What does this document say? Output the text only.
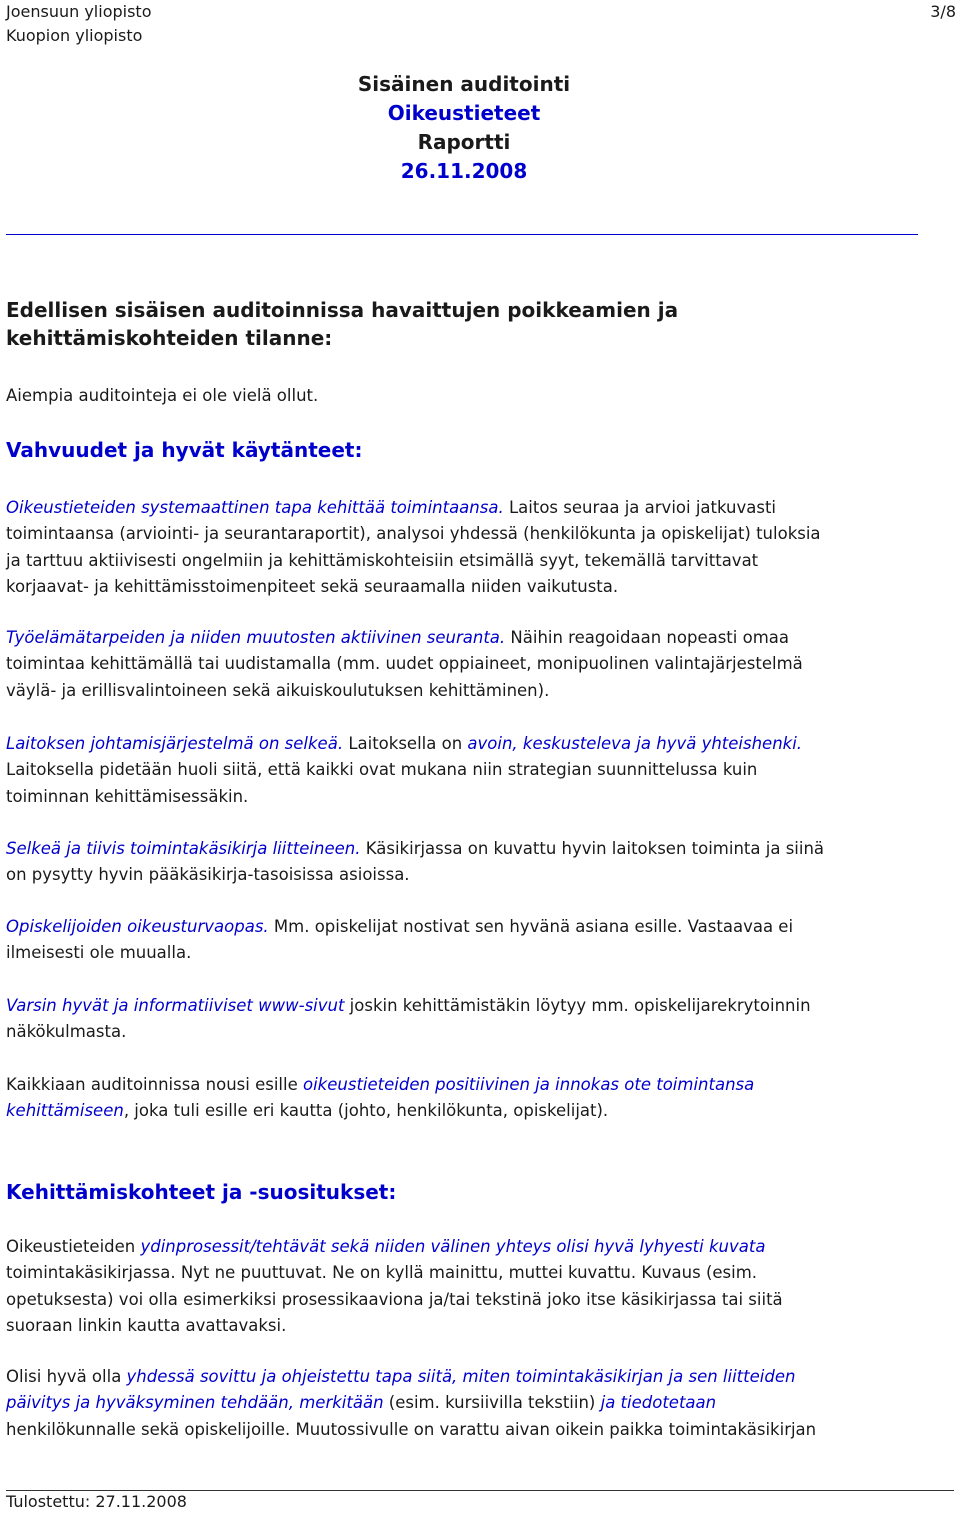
Joensuun yliopisto
Kuopion yliopisto
3/8
Sisäinen auditointi
Oikeustieteet
Raportti
26.11.2008
Edellisen sisäisen auditoinnissa havaittujen poikkeamien ja
kehittämiskohteiden tilanne:
Aiempia auditointeja ei ole vielä ollut.
Vahvuudet ja hyvät käytänteet:
Oikeustieteiden systemaattinen tapa kehittää toimintaansa. Laitos seuraa ja arvioi jatkuvasti
toimintaansa (arviointi- ja seurantaraportit), analysoi yhdessä (henkilökunta ja opiskelijat) tuloksia
ja tarttuu aktiivisesti ongelmiin ja kehittämiskohteisiin etsimällä syyt, tekemällä tarvittavat
korjaavat- ja kehittämisstoimenpiteet sekä seuraamalla niiden vaikutusta.
Työelämätarpeiden ja niiden muutosten aktiivinen seuranta. Näihin reagoidaan nopeasti omaa
toimintaa kehittämällä tai uudistamalla (mm. uudet oppiaineet, monipuolinen valintajärjestelmä
väylä- ja erillisvalintoineen sekä aikuiskoulutuksen kehittäminen).
Laitoksen johtamisjärjestelmä on selkeä. Laitoksella on avoin, keskusteleva ja hyvä yhteishenki.
Laitoksella pidetään huoli siitä, että kaikki ovat mukana niin strategian suunnittelussa kuin
toiminnan kehittämisessäkin.
Selkeä ja tiivis toimintakäsikirja liitteineen. Käsikirjassa on kuvattu hyvin laitoksen toiminta ja siinä
on pysytty hyvin pääkäsikirja-tasoisissa asioissa.
Opiskelijoiden oikeusturvaopas. Mm. opiskelijat nostivat sen hyvänä asiana esille. Vastaavaa ei
ilmeisesti ole muualla.
Varsin hyvät ja informatiiviset www-sivut joskin kehittämistäkin löytyy mm. opiskelijarekrytoinnin
näkökulmasta.
Kaikkiaan auditoinnissa nousi esille oikeustieteiden positiivinen ja innokas ote toimintansa
kehittämiseen, joka tuli esille eri kautta (johto, henkilökunta, opiskelijat).
Kehittämiskohteet ja -suositukset:
Oikeustieteiden ydinprosessit/tehtävät sekä niiden välinen yhteys olisi hyvä lyhyesti kuvata
toimintakäsikirjassa. Nyt ne puuttuvat. Ne on kyllä mainittu, muttei kuvattu. Kuvaus (esim.
opetuksesta) voi olla esimerkiksi prosessikaaviona ja/tai tekstinä joko itse käsikirjassa tai siitä
suoraan linkin kautta avattavaksi.
Olisi hyvä olla yhdessä sovittu ja ohjeistettu tapa siitä, miten toimintakäsikirjan ja sen liitteiden
päivitys ja hyväksyminen tehdään, merkitään (esim. kursiivilla tekstiin) ja tiedotetaan
henkilökunnalle sekä opiskelijoille. Muutossivulle on varattu aivan oikein paikka toimintakäsikirjan
Tulostettu: 27.11.2008
